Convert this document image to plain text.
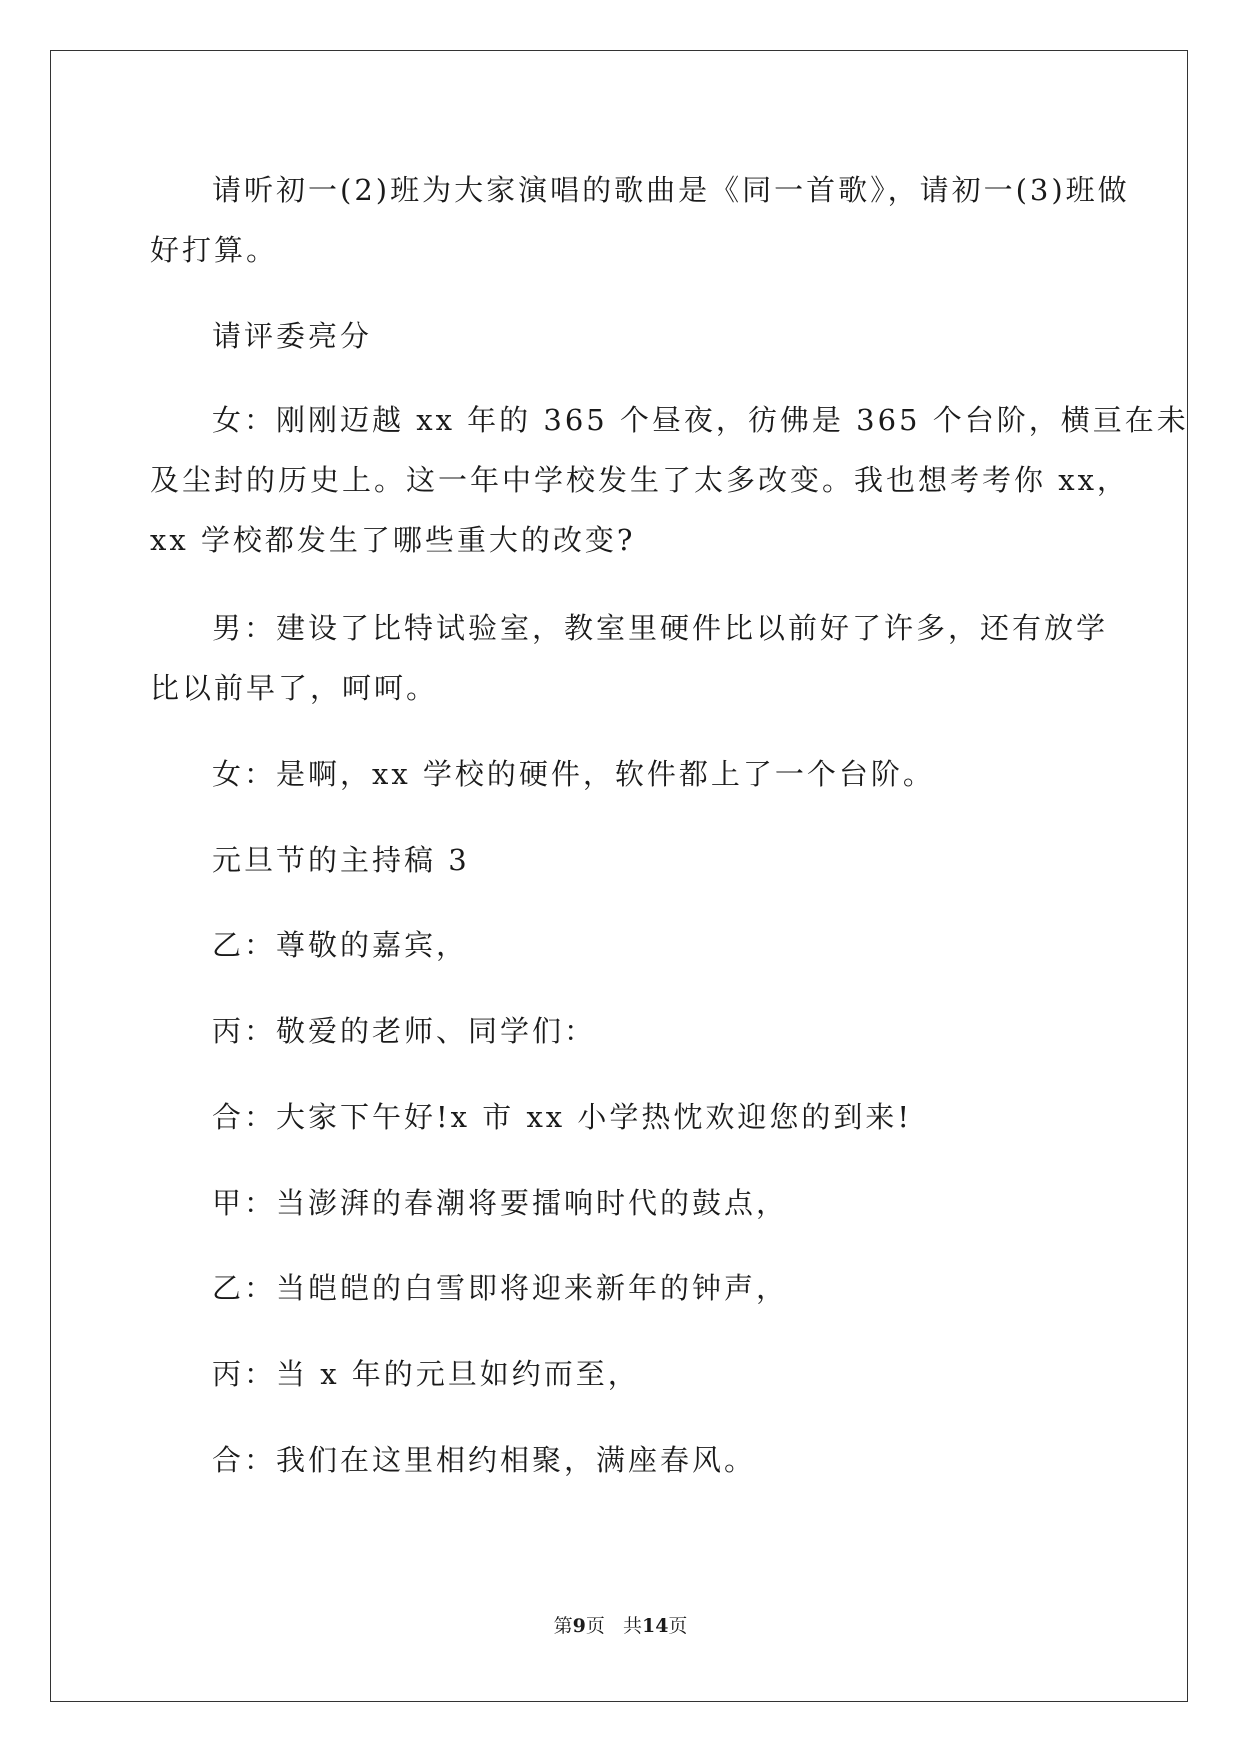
请听初一(2)班为大家演唱的歌曲是《同一首歌》，请初一(3)班做
好打算。
请评委亮分
女：刚刚迈越 xx 年的 365 个昼夜，彷佛是 365 个台阶，横亘在未
及尘封的历史上。这一年中学校发生了太多改变。我也想考考你 xx，
xx 学校都发生了哪些重大的改变?
男：建设了比特试验室，教室里硬件比以前好了许多，还有放学
比以前早了，呵呵。
女：是啊，xx 学校的硬件，软件都上了一个台阶。
元旦节的主持稿 3
乙：尊敬的嘉宾，
丙：敬爱的老师、同学们：
合：大家下午好!x 市 xx 小学热忱欢迎您的到来!
甲：当澎湃的春潮将要擂响时代的鼓点，
乙：当皑皑的白雪即将迎来新年的钟声，
丙：当 x 年的元旦如约而至，
合：我们在这里相约相聚，满座春风。
第9页 共14页
